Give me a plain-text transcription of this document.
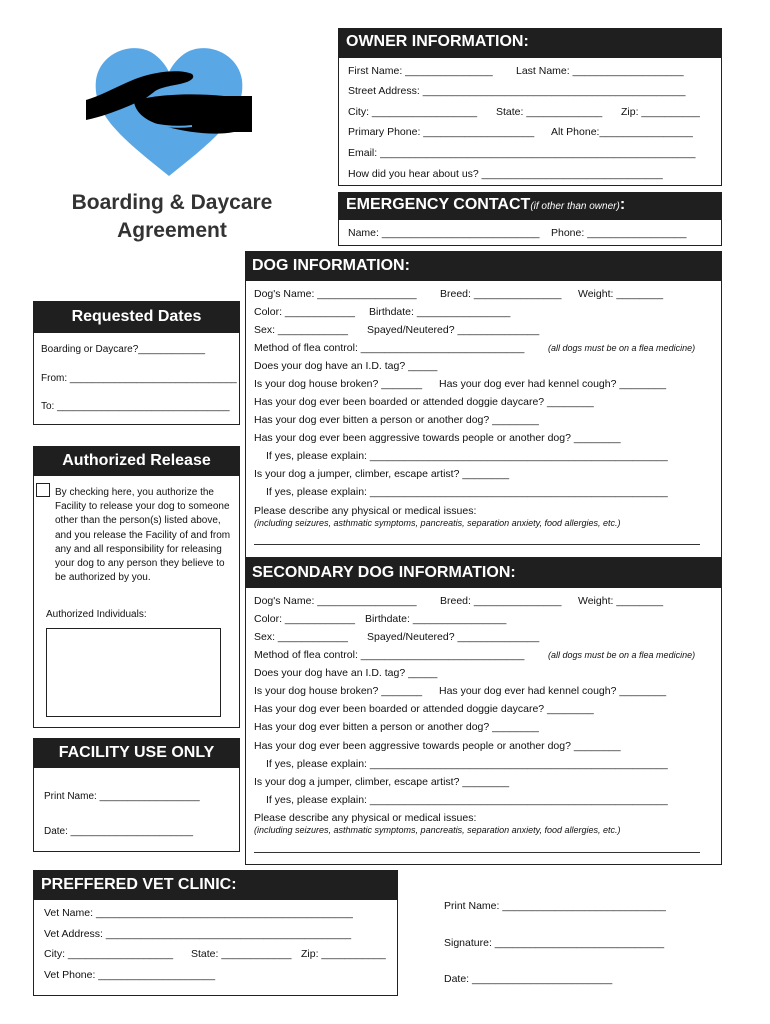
Boarding & Daycare
Agreement
OWNER INFORMATION:
First Name: _______________ Last Name: ___________________
Street Address: _____________________________________________
City: __________________ State: _____________ Zip: __________
Primary Phone: ___________________ Alt Phone:________________
Email: ______________________________________________________
How did you hear about us? _______________________________
EMERGENCY CONTACT(if other than owner):
Name: ___________________________ Phone: _________________
Requested Dates
Boarding or Daycare?____________
From: ______________________________
To: _______________________________
Authorized Release
By checking here, you authorize the Facility to release your dog to someone other than the person(s) listed above, and you release the Facility of and from any and all responsibility for releasing your dog to any person they believe to be authorized by you.
Authorized Individuals:
FACILITY USE ONLY
Print Name: __________________
Date: ______________________
DOG INFORMATION:
Dog's Name: _________________ Breed: _______________ Weight: ________
Color: ____________ Birthdate: ________________
Sex: ____________ Spayed/Neutered? ______________
Method of flea control: ____________________________	(all dogs must be on a flea medicine)
Does your dog have an I.D. tag? _____
Is your dog house broken? _______ Has your dog ever had kennel cough? ________
Has your dog ever been boarded or attended doggie daycare? ________
Has your dog ever bitten a person or another dog? ________
Has your dog ever been aggressive towards people or another dog? ________
If yes, please explain: ___________________________________________________
Is your dog a jumper, climber, escape artist? ________
If yes, please explain: ___________________________________________________
Please describe any physical or medical issues:
(including seizures, asthmatic symptoms, pancreatis, separation anxiety, food allergies, etc.)
SECONDARY DOG INFORMATION:
Dog's Name: _________________ Breed: _______________ Weight: ________
Color: ____________ Birthdate: ________________
Sex: ____________ Spayed/Neutered? ______________
Method of flea control: ____________________________	(all dogs must be on a flea medicine)
Does your dog have an I.D. tag? _____
Is your dog house broken? _______ Has your dog ever had kennel cough? ________
Has your dog ever been boarded or attended doggie daycare? ________
Has your dog ever bitten a person or another dog? ________
Has your dog ever been aggressive towards people or another dog? ________
If yes, please explain: ___________________________________________________
Is your dog a jumper, climber, escape artist? ________
If yes, please explain: ___________________________________________________
Please describe any physical or medical issues:
(including seizures, asthmatic symptoms, pancreatis, separation anxiety, food allergies, etc.)
PREFFERED VET CLINIC:
Vet Name: ____________________________________________
Vet Address: __________________________________________
City: __________________ State: ____________ Zip: ___________
Vet Phone: ____________________
Print Name: ____________________________
Signature: _____________________________
Date: ________________________
